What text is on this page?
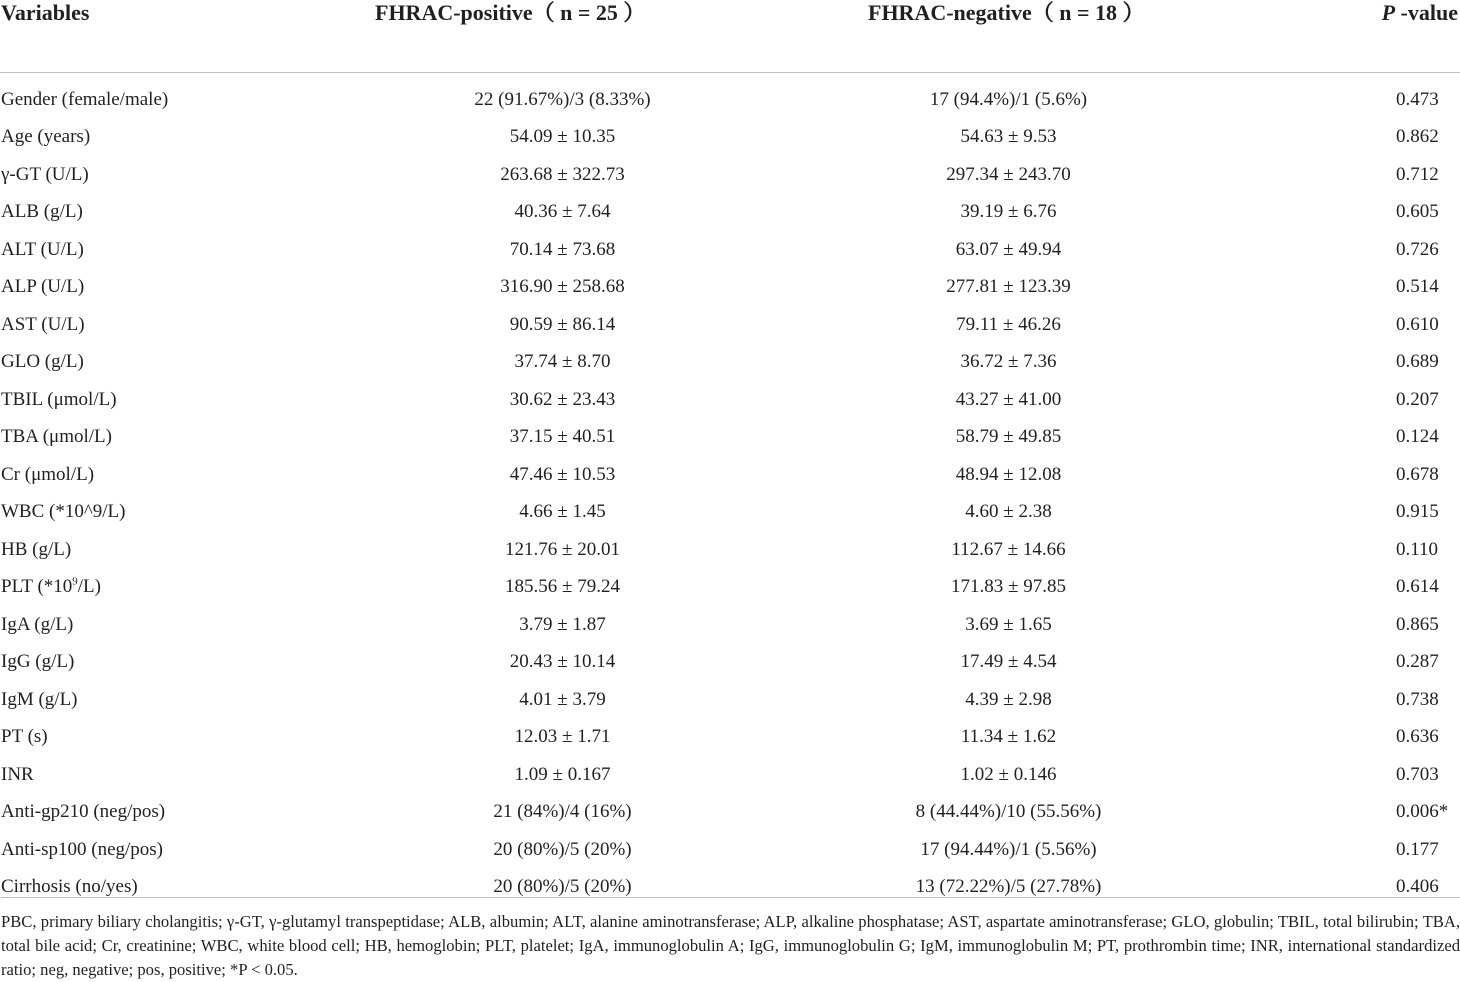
Variables	FHRAC-positive（ n = 25 ）	FHRAC-negative（ n = 18 ）	P -value
Gender (female/male)	22 (91.67%)/3 (8.33%)	17 (94.4%)/1 (5.6%)	0.473
Age (years)	54.09 ± 10.35	54.63 ± 9.53	0.862
γ-GT (U/L)	263.68 ± 322.73	297.34 ± 243.70	0.712
ALB (g/L)	40.36 ± 7.64	39.19 ± 6.76	0.605
ALT (U/L)	70.14 ± 73.68	63.07 ± 49.94	0.726
ALP (U/L)	316.90 ± 258.68	277.81 ± 123.39	0.514
AST (U/L)	90.59 ± 86.14	79.11 ± 46.26	0.610
GLO (g/L)	37.74 ± 8.70	36.72 ± 7.36	0.689
TBIL (μmol/L)	30.62 ± 23.43	43.27 ± 41.00	0.207
TBA (μmol/L)	37.15 ± 40.51	58.79 ± 49.85	0.124
Cr (μmol/L)	47.46 ± 10.53	48.94 ± 12.08	0.678
WBC (*10^9/L)	4.66 ± 1.45	4.60 ± 2.38	0.915
HB (g/L)	121.76 ± 20.01	112.67 ± 14.66	0.110
PLT $(*10^9/L)$	185.56 ± 79.24	171.83 ± 97.85	0.614
IgA (g/L)	3.79 ± 1.87	3.69 ± 1.65	0.865
IgG (g/L)	20.43 ± 10.14	17.49 ± 4.54	0.287
IgM (g/L)	4.01 ± 3.79	4.39 ± 2.98	0.738
PT (s)	12.03 ± 1.71	11.34 ± 1.62	0.636
INR	1.09 ± 0.167	1.02 ± 0.146	0.703
Anti-gp210 (neg/pos)	21 (84%)/4 (16%)	8 (44.44%)/10 (55.56%)	0.006*
Anti-sp100 (neg/pos)	20 (80%)/5 (20%)	17 (94.44%)/1 (5.56%)	0.177
Cirrhosis (no/yes)	20 (80%)/5 (20%)	13 (72.22%)/5 (27.78%)	0.406
PBC, primary biliary cholangitis; γ-GT, γ-glutamyl transpeptidase; ALB, albumin; ALT, alanine aminotransferase; ALP, alkaline phosphatase; AST, aspartate aminotransferase; GLO, globulin; TBIL, total bilirubin; TBA, total bile acid; Cr, creatinine; WBC, white blood cell; HB, hemoglobin; PLT, platelet; IgA, immunoglobulin A; IgG, immunoglobulin G; IgM, immunoglobulin M; PT, prothrombin time; INR, international standardized ratio; neg, negative; pos, positive; *P < 0.05.
